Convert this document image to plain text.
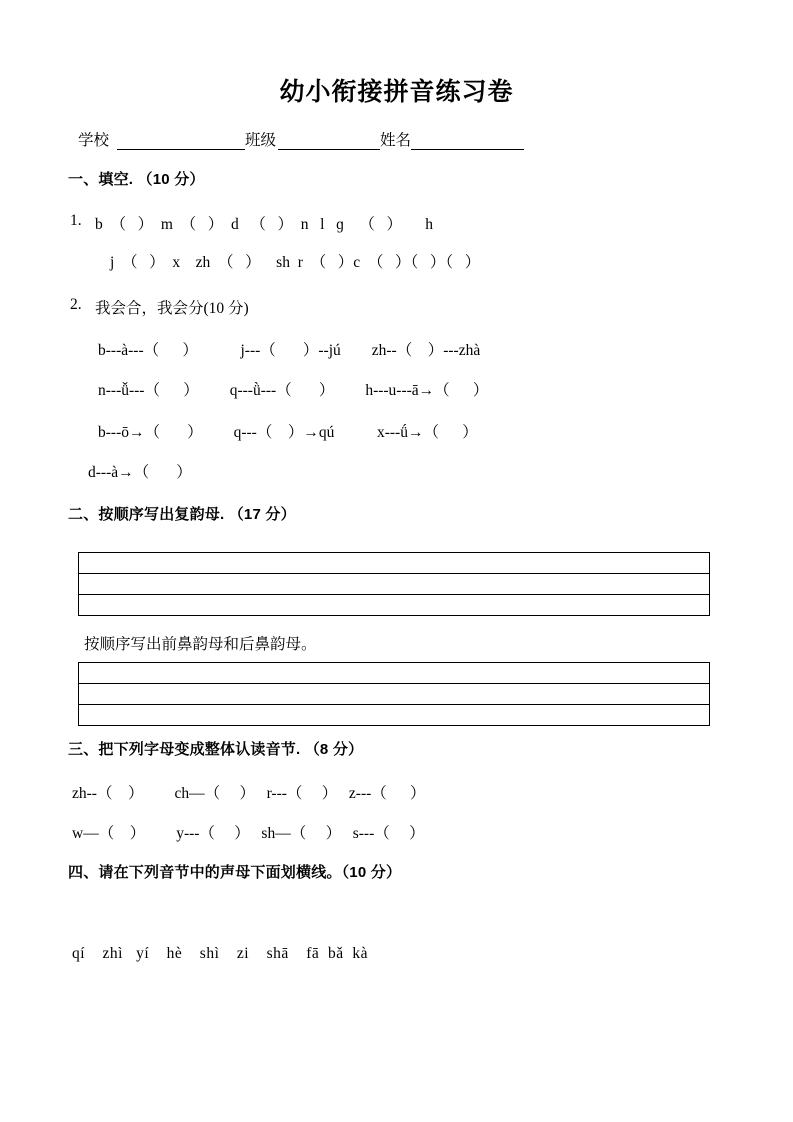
幼小衔接拼音练习卷
学校	班级	姓名
一、填空. （10 分）
1. b  （   ）  m  （   ）  d   （   ）  n   l   ɡ    （   ）      h
j  （   ）  x    zh  （   ）    sh  r  （   ）c  （   ）（   ）（   ）
2. 我会合，我会分(10 分)
b---à---（      ）           j---（       ）--jú        zh--（    ）---zhà
n---ǚ---（      ）        q---ǜ---（       ）        h---u---ā→（      ）
b---ō→（       ）        q---（    ）→qú           x---ǘ→（      ）
d---à→（       ）
二、按顺序写出复韵母. （17 分）

按顺序写出前鼻韵母和后鼻韵母。

三、把下列字母变成整体认读音节. （8 分）
zh--（    ）        ch—（     ）   r---（     ）   z---（      ）
w—（    ）        y---（     ）   sh—（     ）   s---（     ）
四、请在下列音节中的声母下面划横线。（10 分）
qí    zhì   yí    hè    shì    zi    shā    fā  bǎ  kà
